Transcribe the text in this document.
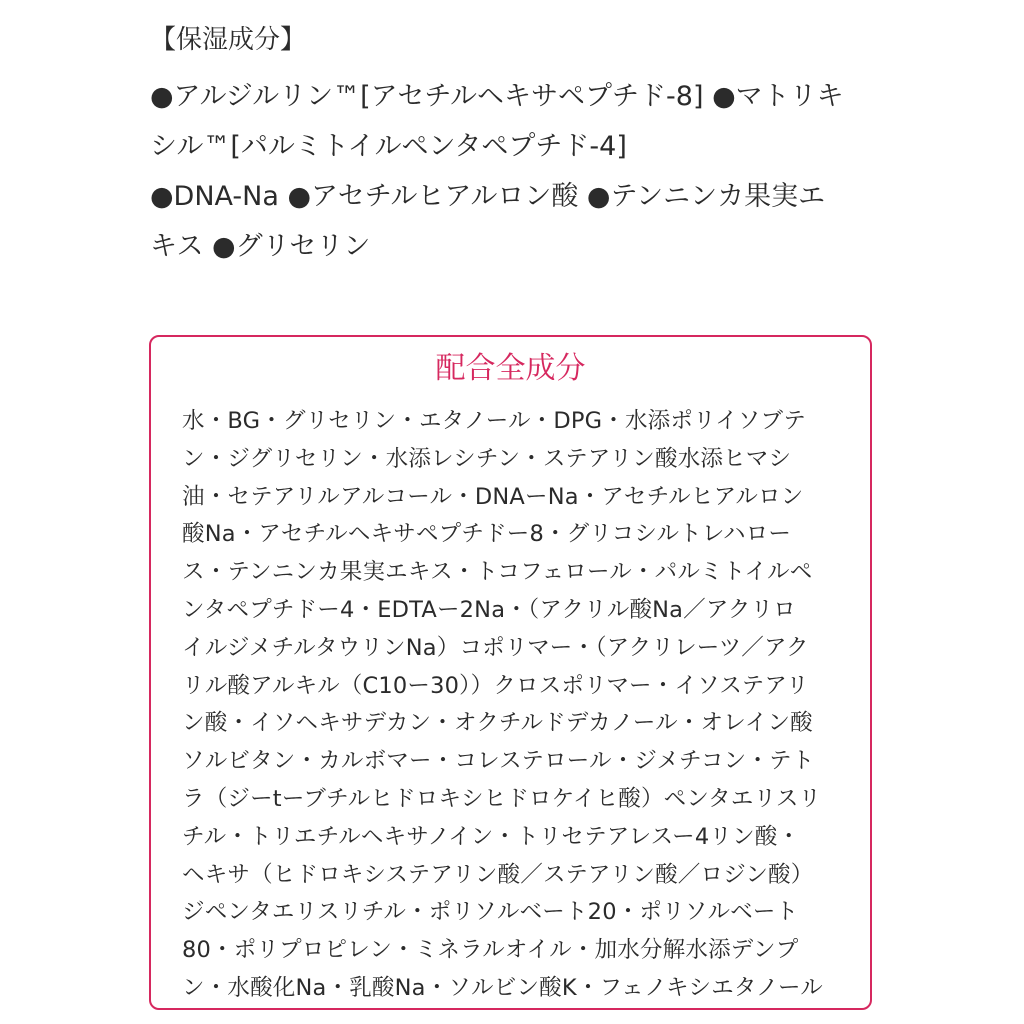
【保湿成分】

●アルジルリン™[アセチルヘキサペプチド-8] ●マトリキ

シル™[パルミトイルペンタペプチド-4]

●DNA-Na ●アセチルヒアルロン酸 ●テンニンカ果実エ

キス ●グリセリン

配合全成分

水・BG・グリセリン・エタノール・DPG・水添ポリイソブテ

ン・ジグリセリン・水添レシチン・ステアリン酸水添ヒマシ

油・セテアリルアルコール・DNAーNa・アセチルヒアルロン

酸Na・アセチルヘキサペプチドー8・グリコシルトレハロー

ス・テンニンカ果実エキス・トコフェロール・パルミトイルペ

ンタペプチドー4・EDTAー2Na・（アクリル酸Na／アクリロ

イルジメチルタウリンNa）コポリマー・（アクリレーツ／アク

リル酸アルキル（C10ー30））クロスポリマー・イソステアリ

ン酸・イソヘキサデカン・オクチルドデカノール・オレイン酸

ソルビタン・カルボマー・コレステロール・ジメチコン・テト

ラ（ジーtーブチルヒドロキシヒドロケイヒ酸）ペンタエリスリ

チル・トリエチルヘキサノイン・トリセテアレスー4リン酸・

ヘキサ（ヒドロキシステアリン酸／ステアリン酸／ロジン酸）

ジペンタエリスリチル・ポリソルベート20・ポリソルベート

80・ポリプロピレン・ミネラルオイル・加水分解水添デンプ

ン・水酸化Na・乳酸Na・ソルビン酸K・フェノキシエタノール
